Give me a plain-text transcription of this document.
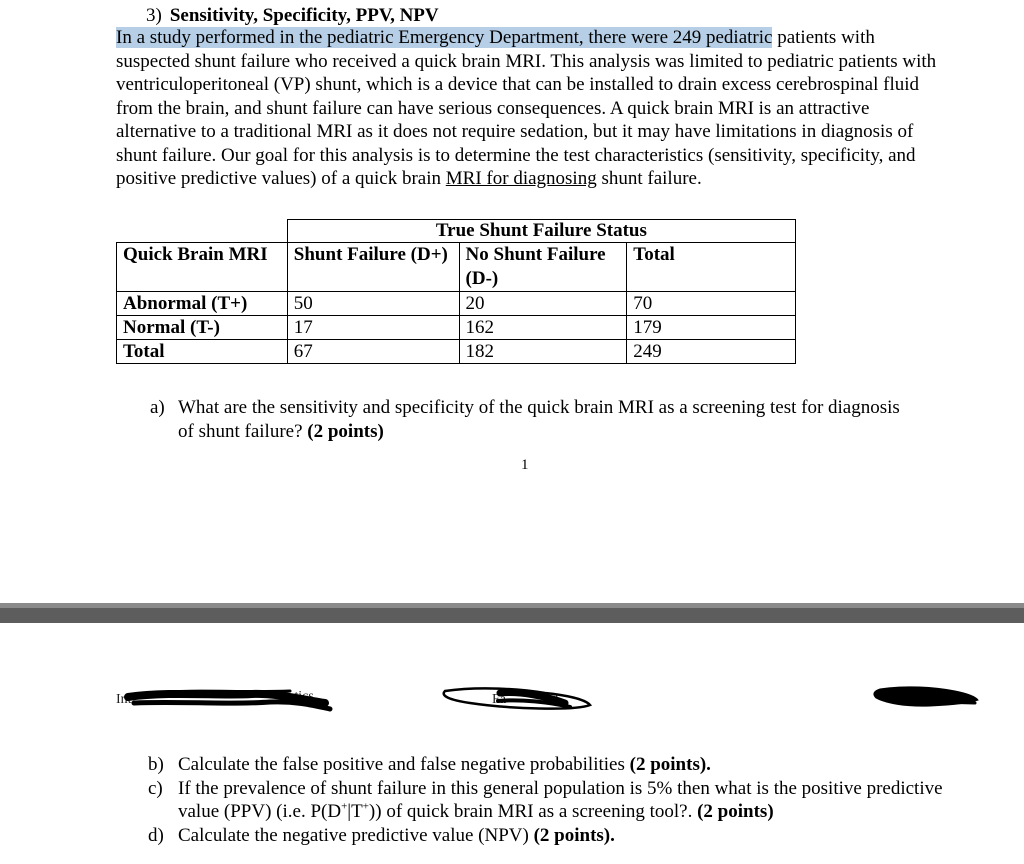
3) Sensitivity, Specificity, PPV, NPV

In a study performed in the pediatric Emergency Department, there were 249 pediatric patients with suspected shunt failure who received a quick brain MRI. This analysis was limited to pediatric patients with ventriculoperitoneal (VP) shunt, which is a device that can be installed to drain excess cerebrospinal fluid from the brain, and shunt failure can have serious consequences. A quick brain MRI is an attractive alternative to a traditional MRI as it does not require sedation, but it may have limitations in diagnosis of shunt failure. Our goal for this analysis is to determine the test characteristics (sensitivity, specificity, and positive predictive values) of a quick brain MRI for diagnosing shunt failure.

	True Shunt Failure Status		
Quick Brain MRI	Shunt Failure (D+)	No Shunt Failure (D-)	Total
Abnormal (T+)	50	20	70
Normal (T-)	17	162	179
Total	67	182	249
a) What are the sensitivity and specificity of the quick brain MRI as a screening test for diagnosis of shunt failure? (2 points)
1
Int	istics	Fa	1
b) Calculate the false positive and false negative probabilities (2 points).
c) If the prevalence of shunt failure in this general population is 5% then what is the positive predictive value (PPV) (i.e. P(D+|T+)) of quick brain MRI as a screening tool?. (2 points)
d) Calculate the negative predictive value (NPV) (2 points).
